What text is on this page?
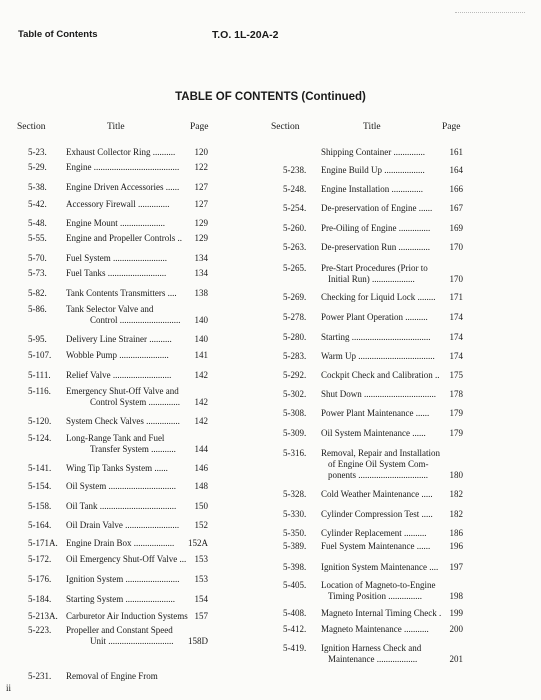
Table of Contents	T.O. 1L-20A-2
TABLE OF CONTENTS (Continued)
Section	Title	Page	Section	Title	Page
5-23. Exhaust Collector Ring .......... 120
5-29. Engine ...................................... 122
5-38. Engine Driven Accessories ...... 127
5-42. Accessory Firewall ..............	127
5-48. Engine Mount ....................	129
5-55. Engine and Propeller Controls .. 129
5-70. Fuel System ........................	134
5-73. Fuel Tanks ..........................	134
5-82. Tank Contents Transmitters .... 138
5-86. Tank Selector Valve and
Control ........................... 140
5-95. Delivery Line Strainer ..........	140
5-107. Wobble Pump ......................	141
5-111. Relief Valve ..........................	142
5-116. Emergency Shut-Off Valve and
Control System .............. 142
5-120. System Check Valves ............... 142
5-124. Long-Range Tank and Fuel
Transfer System ........... 144
5-141. Wing Tip Tanks System ......	146
5-154. Oil System .............................. 148
5-158. Oil Tank .................................. 150
5-164. Oil Drain Valve ........................ 152
5-171A. Engine Drain Box .................. 152A
5-172. Oil Emergency Shut-Off Valve ... 153
5-176. Ignition System ........................ 153
5-184. Starting System ...................... 154
5-213A. Carburetor Air Induction Systems 157
5-223. Propeller and Constant Speed
Unit ............................. 158D
5-231. Removal of Engine From
Shipping Container ..............	161
5-238. Engine Build Up ..................	164
5-248. Engine Installation ..............	166
5-254. De-preservation of Engine ...... 167
5-260. Pre-Oiling of Engine .............. 169
5-263. De-preservation Run .............. 170
5-265. Pre-Start Procedures (Prior to
Initial Run) ...................	170
5-269. Checking for Liquid Lock ........ 171
5-278. Power Plant Operation .......... 174
5-280. Starting ................................... 174
5-283. Warm Up .................................. 174
5-292. Cockpit Check and Calibration .. 175
5-302. Shut Down ................................ 178
5-308. Power Plant Maintenance ...... 179
5-309. Oil System Maintenance ......	179
5-316. Removal, Repair and Installation
of Engine Oil System Com-
ponents ............................... 180
5-328. Cold Weather Maintenance ..... 182
5-330. Cylinder Compression Test ..... 182
5-350. Cylinder Replacement ..........	186
5-389. Fuel System Maintenance ...... 196
5-398. Ignition System Maintenance .... 197
5-405. Location of Magneto-to-Engine
Timing Position ...............	198
5-408. Magneto Internal Timing Check . 199
5-412. Magneto Maintenance ........... 200
5-419. Ignition Harness Check and
Maintenance ..................	201
ii
